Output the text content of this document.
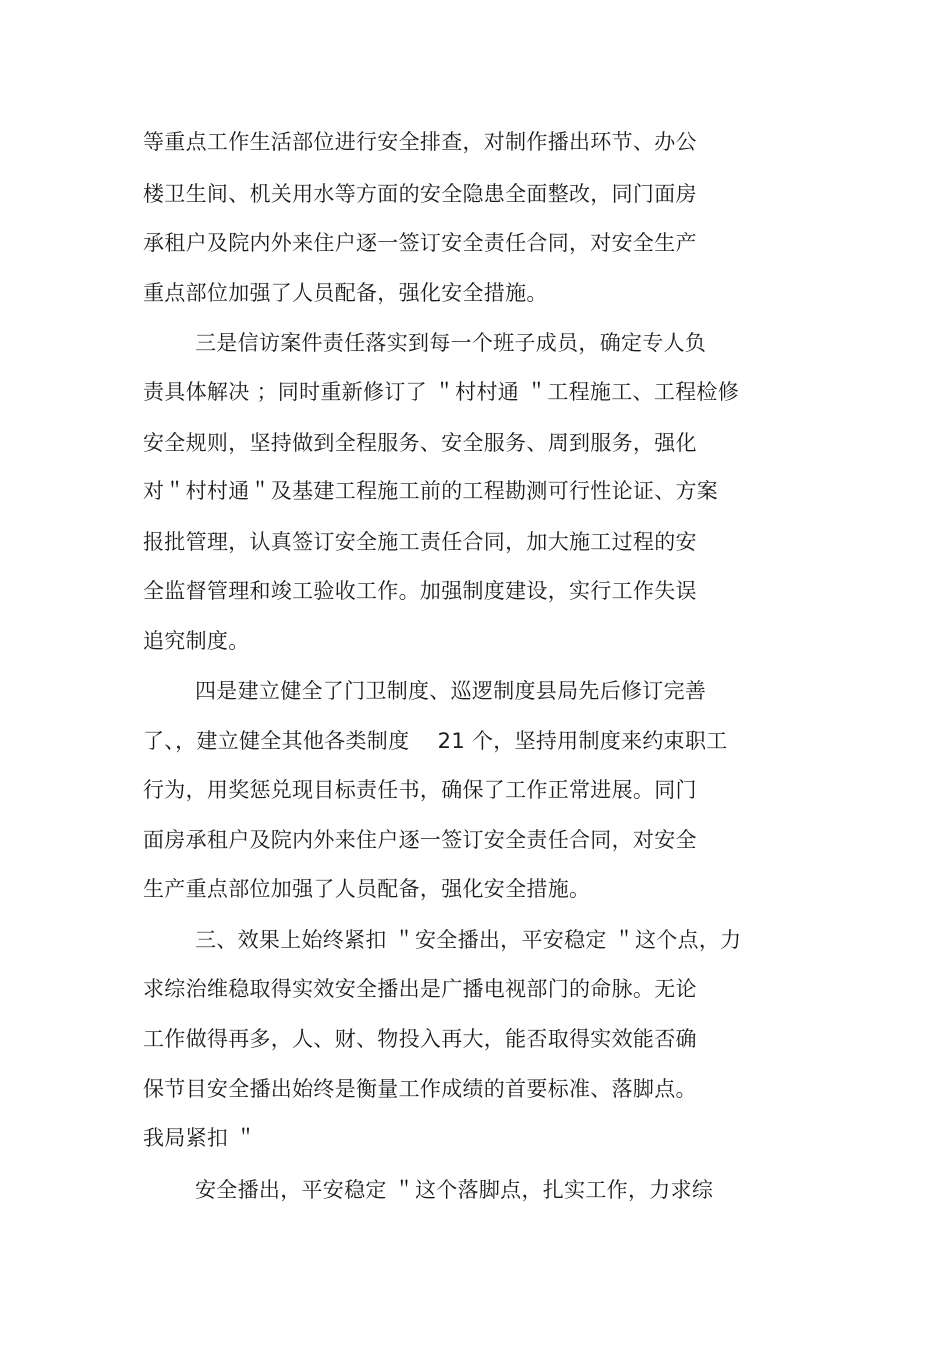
等重点工作生活部位进行安全排查，对制作播出环节、办公
楼卫生间、机关用水等方面的安全隐患全面整改，同门面房
承租户及院内外来住户逐一签订安全责任合同，对安全生产
重点部位加强了人员配备，强化安全措施。
三是信访案件责任落实到每一个班子成员，确定专人负
责具体解决 ；同时重新修订了 ＂村村通 ＂工程施工、工程检修
安全规则，坚持做到全程服务、安全服务、周到服务，强化
对＂村村通＂及基建工程施工前的工程勘测可行性论证、方案
报批管理，认真签订安全施工责任合同，加大施工过程的安
全监督管理和竣工验收工作。加强制度建设，实行工作失误
追究制度。
四是建立健全了门卫制度、巡逻制度县局先后修订完善
了、，建立健全其他各类制度　 21 个，坚持用制度来约束职工
行为，用奖惩兑现目标责任书，确保了工作正常进展。同门
面房承租户及院内外来住户逐一签订安全责任合同，对安全
生产重点部位加强了人员配备，强化安全措施。
三、效果上始终紧扣 ＂安全播出，平安稳定 ＂这个点，力
求综治维稳取得实效安全播出是广播电视部门的命脉。无论
工作做得再多，人、财、物投入再大，能否取得实效能否确
保节目安全播出始终是衡量工作成绩的首要标准、落脚点。
我局紧扣 ＂
安全播出，平安稳定 ＂这个落脚点，扎实工作，力求综
